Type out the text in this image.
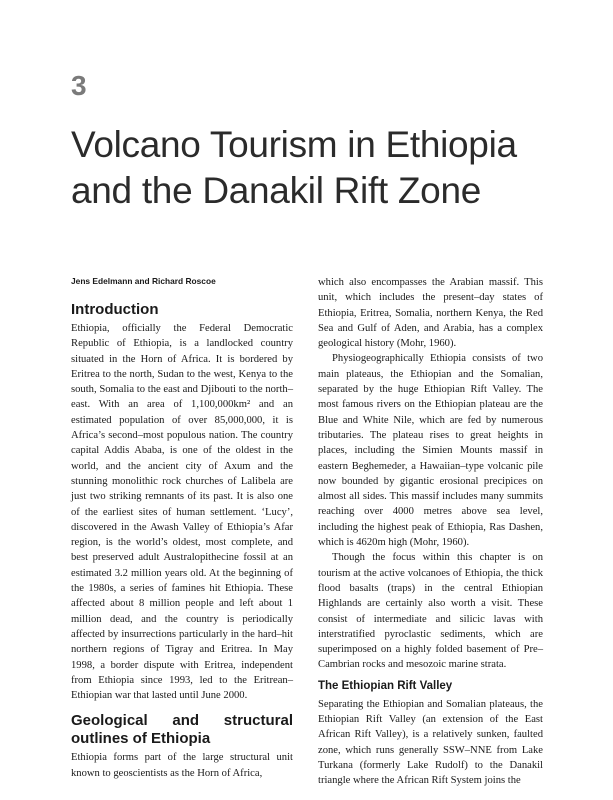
3
Volcano Tourism in Ethiopia
and the Danakil Rift Zone
Jens Edelmann and Richard Roscoe
Introduction

Ethiopia, officially the Federal Democratic Republic of Ethiopia, is a landlocked country situated in the Horn of Africa. It is bordered by Eritrea to the north, Sudan to the west, Kenya to the south, Somalia to the east and Djibouti to the north–east. With an area of 1,100,000km² and an estimated population of over 85,000,000, it is Africa’s second–most populous nation. The country capital Addis Ababa, is one of the oldest in the world, and the ancient city of Axum and the stunning monolithic rock churches of Lalibela are just two striking remnants of its past. It is also one of the earliest sites of human settlement. ‘Lucy’, discovered in the Awash Valley of Ethiopia’s Afar region, is the world’s oldest, most complete, and best preserved adult Australopithecine fossil at an estimated 3.2 million years old. At the beginning of the 1980s, a series of famines hit Ethiopia. These affected about 8 million people and left about 1 million dead, and the country is periodically affected by insurrections particularly in the hard–hit northern regions of Tigray and Eritrea. In May 1998, a border dispute with Eritrea, independent from Ethiopia since 1993, led to the Eritrean–Ethiopian war that lasted until June 2000.

Geological and structural outlines of Ethiopia

Ethiopia forms part of the large structural unit known to geoscientists as the Horn of Africa,

which also encompasses the Arabian massif. This unit, which includes the present–day states of Ethiopia, Eritrea, Somalia, northern Kenya, the Red Sea and Gulf of Aden, and Arabia, has a complex geological history (Mohr, 1960).

Physiogeographically Ethiopia consists of two main plateaus, the Ethiopian and the Somalian, separated by the huge Ethiopian Rift Valley. The most famous rivers on the Ethiopian plateau are the Blue and White Nile, which are fed by numerous tributaries. The plateau rises to great heights in places, including the Simien Mounts massif in eastern Beghemeder, a Hawaiian–type volcanic pile now bounded by gigantic erosional precipices on almost all sides. This massif includes many summits reaching over 4000 metres above sea level, including the highest peak of Ethiopia, Ras Dashen, which is 4620m high (Mohr, 1960).

Though the focus within this chapter is on tourism at the active volcanoes of Ethiopia, the thick flood basalts (traps) in the central Ethiopian Highlands are certainly also worth a visit. These consist of intermediate and silicic lavas with interstratified pyroclastic sediments, which are superimposed on a highly folded basement of Pre–Cambrian rocks and mesozoic marine strata.

The Ethiopian Rift Valley

Separating the Ethiopian and Somalian plateaus, the Ethiopian Rift Valley (an extension of the East African Rift Valley), is a relatively sunken, faulted zone, which runs generally SSW–NNE from Lake Turkana (formerly Lake Rudolf) to the Danakil triangle where the African Rift System joins the
